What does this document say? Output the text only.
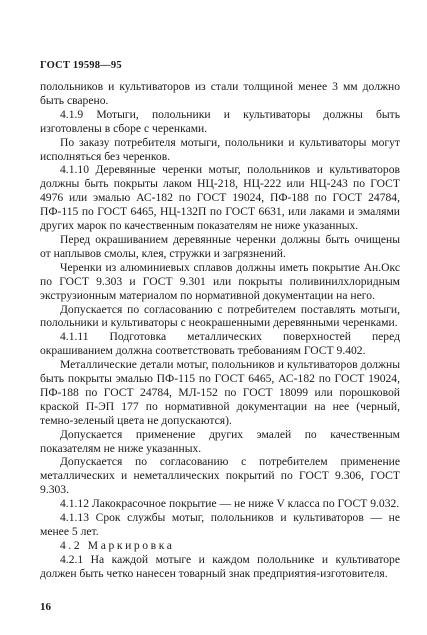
ГОСТ 19598—95

полольников и культиваторов из стали толщиной менее 3 мм должно быть сварено.

4.1.9 Мотыги, полольники и культиваторы должны быть изготовлены в сборе с черенками.

По заказу потребителя мотыги, полольники и культиваторы могут исполняться без черенков.

4.1.10 Деревянные черенки мотыг, полольников и культиваторов должны быть покрыты лаком НЦ-218, НЦ-222 или НЦ-243 по ГОСТ 4976 или эмалью АС-182 по ГОСТ 19024, ПФ-188 по ГОСТ 24784, ПФ-115 по ГОСТ 6465, НЦ-132П по ГОСТ 6631, или лаками и эмалями других марок по качественным показателям не ниже указанных.

Перед окрашиванием деревянные черенки должны быть очищены от наплывов смолы, клея, стружки и загрязнений.

Черенки из алюминиевых сплавов должны иметь покрытие Ан.Окс по ГОСТ 9.303 и ГОСТ 9.301 или покрыты поливинилхлоридным экструзионным материалом по нормативной документации на него.

Допускается по согласованию с потребителем поставлять мотыги, полольники и культиваторы с неокрашенными деревянными черенками.

4.1.11 Подготовка металлических поверхностей перед окрашиванием должна соответствовать требованиям ГОСТ 9.402.

Металлические детали мотыг, полольников и культиваторов должны быть покрыты эмалью ПФ-115 по ГОСТ 6465, АС-182 по ГОСТ 19024, ПФ-188 по ГОСТ 24784, МЛ-152 по ГОСТ 18099 или порошковой краской П-ЭП 177 по нормативной документации на нее (черный, темно-зеленый цвета не допускаются).

Допускается применение других эмалей по качественным показателям не ниже указанных.

Допускается по согласованию с потребителем применение металлических и неметаллических покрытий по ГОСТ 9.306, ГОСТ 9.303.

4.1.12 Лакокрасочное покрытие — не ниже V класса по ГОСТ 9.032.

4.1.13 Срок службы мотыг, полольников и культиваторов — не менее 5 лет.

4.2 Маркировка

4.2.1 На каждой мотыге и каждом полольнике и культиваторе должен быть четко нанесен товарный знак предприятия-изготовителя.

16
